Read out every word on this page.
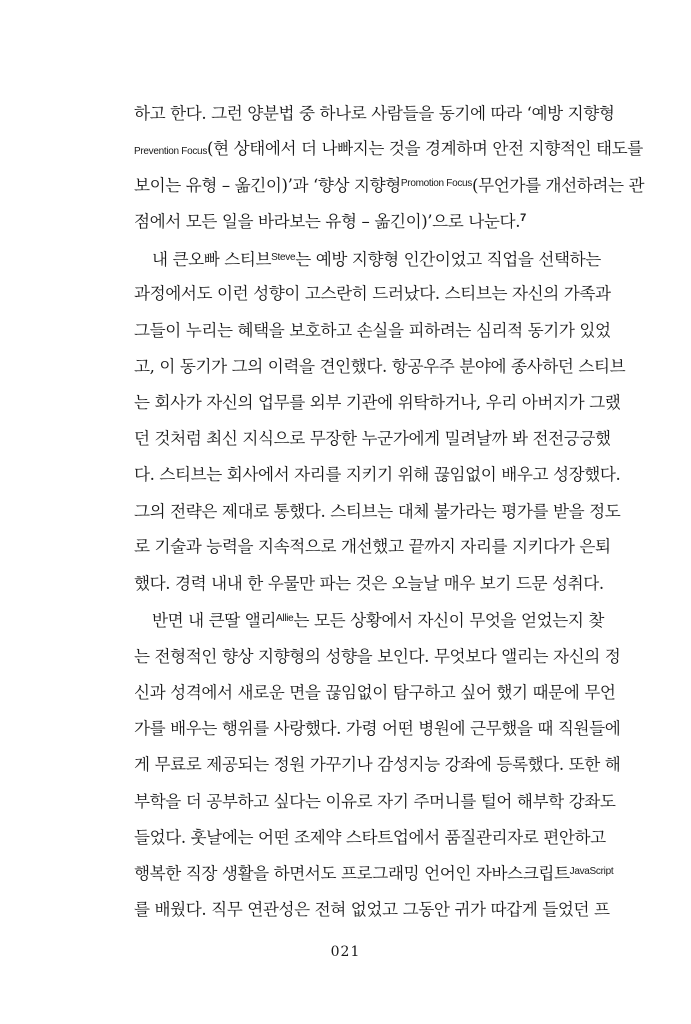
하고 한다. 그런 양분법 중 하나로 사람들을 동기에 따라 ‘예방 지향형
Prevention Focus(현 상태에서 더 나빠지는 것을 경계하며 안전 지향적인 태도를
보이는 유형 – 옮긴이)’과 ‘향상 지향형$^{Promotion Focus}$(무언가를 개선하려는 관
점에서 모든 일을 바라보는 유형 – 옮긴이)’으로 나눈다.$^7$
내 큰오빠 스티브$^{Steve}$는 예방 지향형 인간이었고 직업을 선택하는
과정에서도 이런 성향이 고스란히 드러났다. 스티브는 자신의 가족과
그들이 누리는 혜택을 보호하고 손실을 피하려는 심리적 동기가 있었
고, 이 동기가 그의 이력을 견인했다. 항공우주 분야에 종사하던 스티브
는 회사가 자신의 업무를 외부 기관에 위탁하거나, 우리 아버지가 그랬
던 것처럼 최신 지식으로 무장한 누군가에게 밀려날까 봐 전전긍긍했
다. 스티브는 회사에서 자리를 지키기 위해 끊임없이 배우고 성장했다.
그의 전략은 제대로 통했다. 스티브는 대체 불가라는 평가를 받을 정도
로 기술과 능력을 지속적으로 개선했고 끝까지 자리를 지키다가 은퇴
했다. 경력 내내 한 우물만 파는 것은 오늘날 매우 보기 드문 성취다.
반면 내 큰딸 앨리$^{Allie}$는 모든 상황에서 자신이 무엇을 얻었는지 찾
는 전형적인 향상 지향형의 성향을 보인다. 무엇보다 앨리는 자신의 정
신과 성격에서 새로운 면을 끊임없이 탐구하고 싶어 했기 때문에 무언
가를 배우는 행위를 사랑했다. 가령 어떤 병원에 근무했을 때 직원들에
게 무료로 제공되는 정원 가꾸기나 감성지능 강좌에 등록했다. 또한 해
부학을 더 공부하고 싶다는 이유로 자기 주머니를 털어 해부학 강좌도
들었다. 훗날에는 어떤 조제약 스타트업에서 품질관리자로 편안하고
행복한 직장 생활을 하면서도 프로그래밍 언어인 자바스크립트$^{JavaScript}$
를 배웠다. 직무 연관성은 전혀 없었고 그동안 귀가 따갑게 들었던 프
021
